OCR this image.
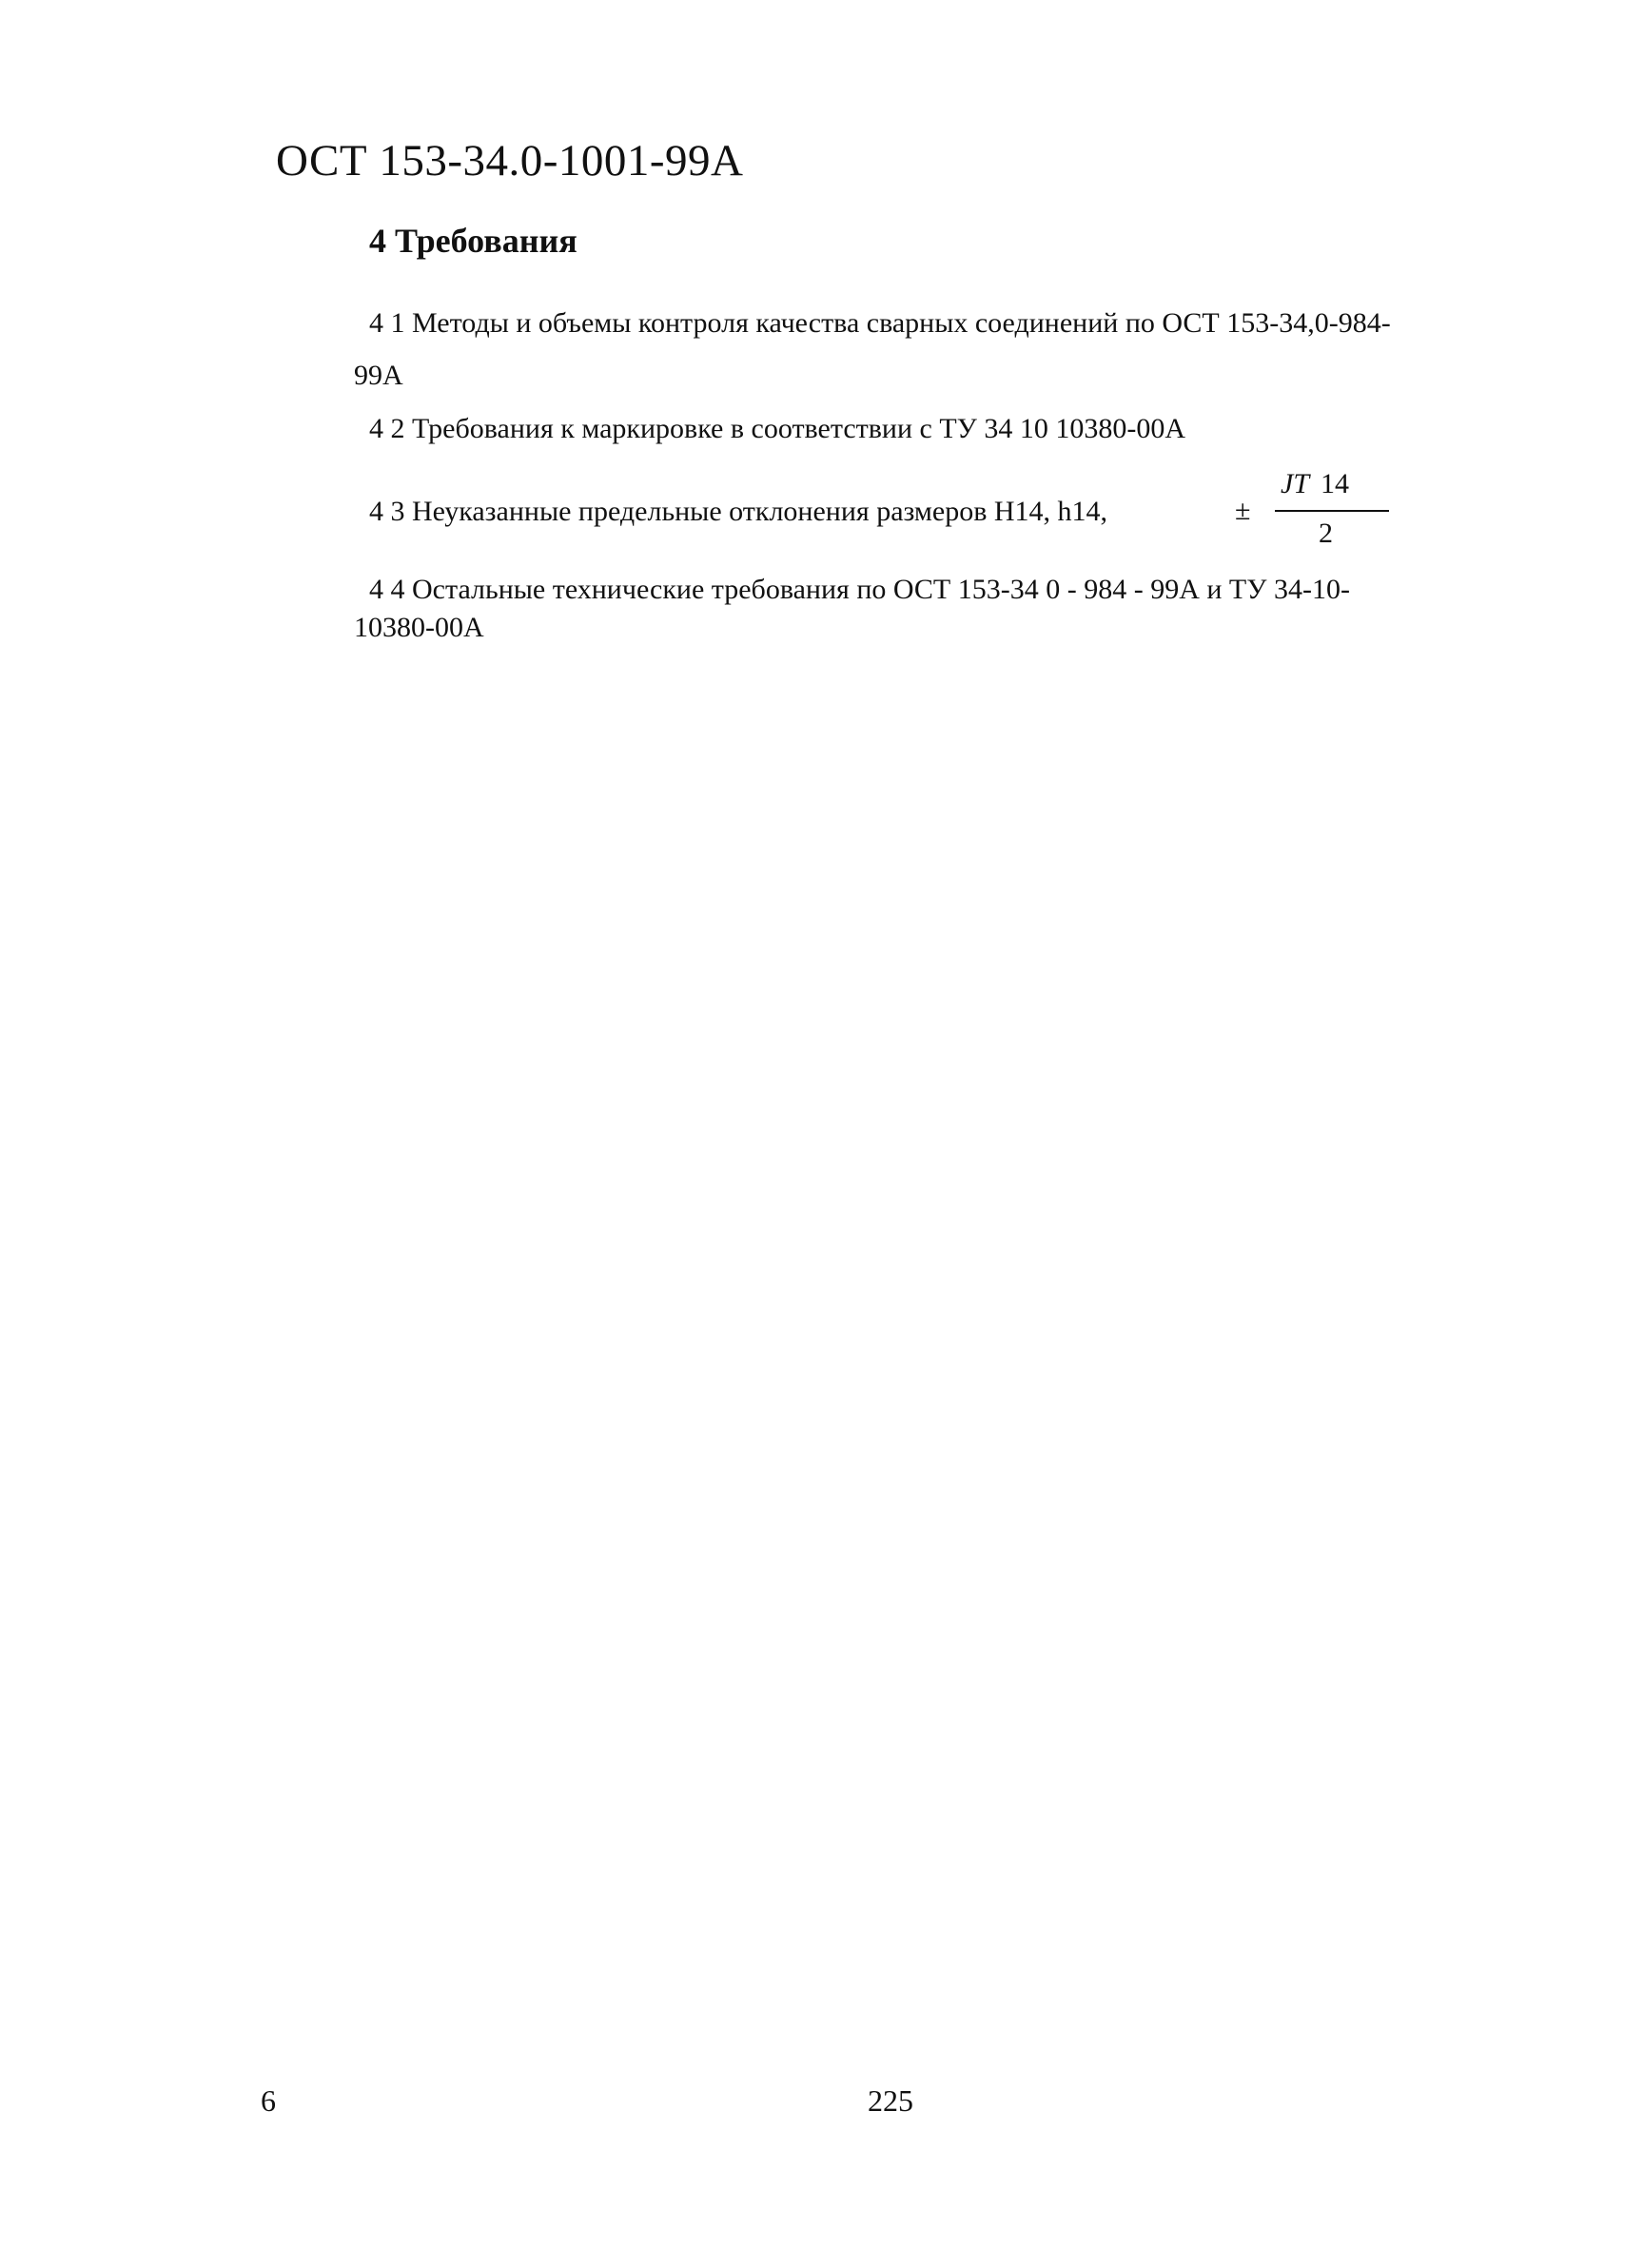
ОСТ 153-34.0-1001-99А
4 Требования
4 1 Методы и объемы контроля качества сварных соединений по ОСТ 153-34,0-984-
99А
4 2 Требования к маркировке в соответствии с ТУ 34 10 10380-00А
4 3 Неуказанные предельные отклонения размеров H14, h14,	±
JT 14
2
4 4 Остальные технические требования по ОСТ 153-34 0 - 984 - 99А и ТУ 34-10-
10380-00А
6	225
